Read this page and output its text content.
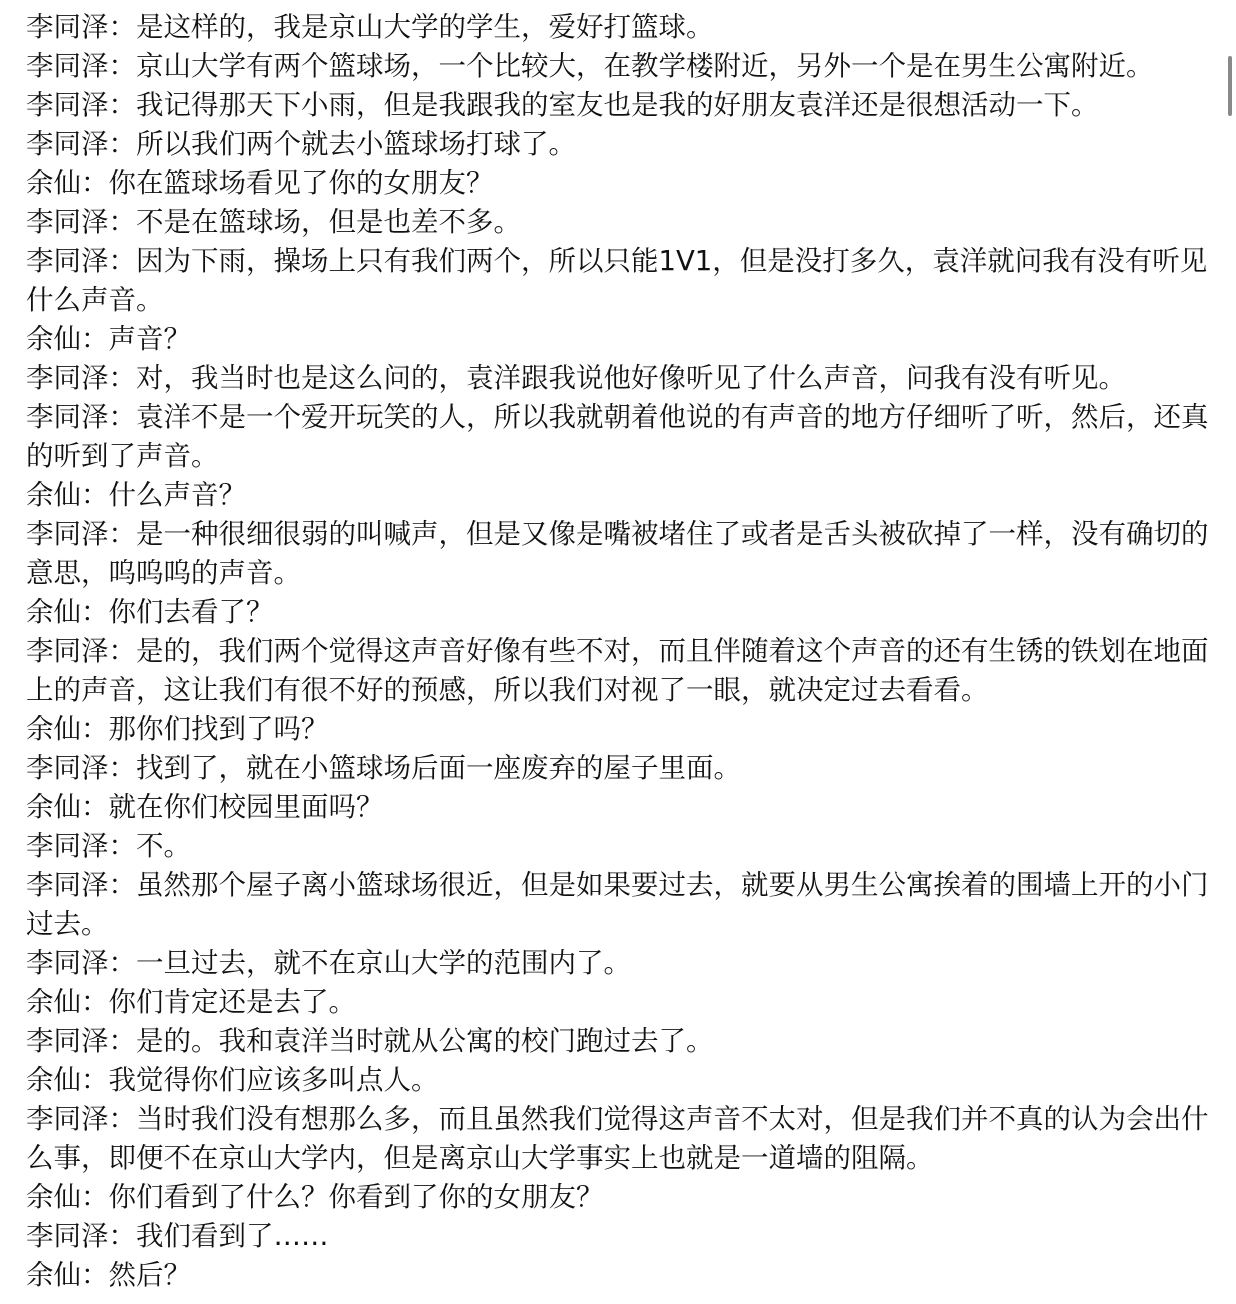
李同泽：是这样的，我是京山大学的学生，爱好打篮球。

李同泽：京山大学有两个篮球场，一个比较大，在教学楼附近，另外一个是在男生公寓附近。

李同泽：我记得那天下小雨，但是我跟我的室友也是我的好朋友袁洋还是很想活动一下。

李同泽：所以我们两个就去小篮球场打球了。

余仙：你在篮球场看见了你的女朋友？

李同泽：不是在篮球场，但是也差不多。

李同泽：因为下雨，操场上只有我们两个，所以只能1V1，但是没打多久，袁洋就问我有没有听见什么声音。

余仙：声音？

李同泽：对，我当时也是这么问的，袁洋跟我说他好像听见了什么声音，问我有没有听见。

李同泽：袁洋不是一个爱开玩笑的人，所以我就朝着他说的有声音的地方仔细听了听，然后，还真的听到了声音。

余仙：什么声音？

李同泽：是一种很细很弱的叫喊声，但是又像是嘴被堵住了或者是舌头被砍掉了一样，没有确切的意思，呜呜呜的声音。

余仙：你们去看了？

李同泽：是的，我们两个觉得这声音好像有些不对，而且伴随着这个声音的还有生锈的铁划在地面上的声音，这让我们有很不好的预感，所以我们对视了一眼，就决定过去看看。

余仙：那你们找到了吗？

李同泽：找到了，就在小篮球场后面一座废弃的屋子里面。

余仙：就在你们校园里面吗？

李同泽：不。

李同泽：虽然那个屋子离小篮球场很近，但是如果要过去，就要从男生公寓挨着的围墙上开的小门过去。

李同泽：一旦过去，就不在京山大学的范围内了。

余仙：你们肯定还是去了。

李同泽：是的。我和袁洋当时就从公寓的校门跑过去了。

余仙：我觉得你们应该多叫点人。

李同泽：当时我们没有想那么多，而且虽然我们觉得这声音不太对，但是我们并不真的认为会出什么事，即便不在京山大学内，但是离京山大学事实上也就是一道墙的阻隔。

余仙：你们看到了什么？你看到了你的女朋友？

李同泽：我们看到了……

余仙：然后？
